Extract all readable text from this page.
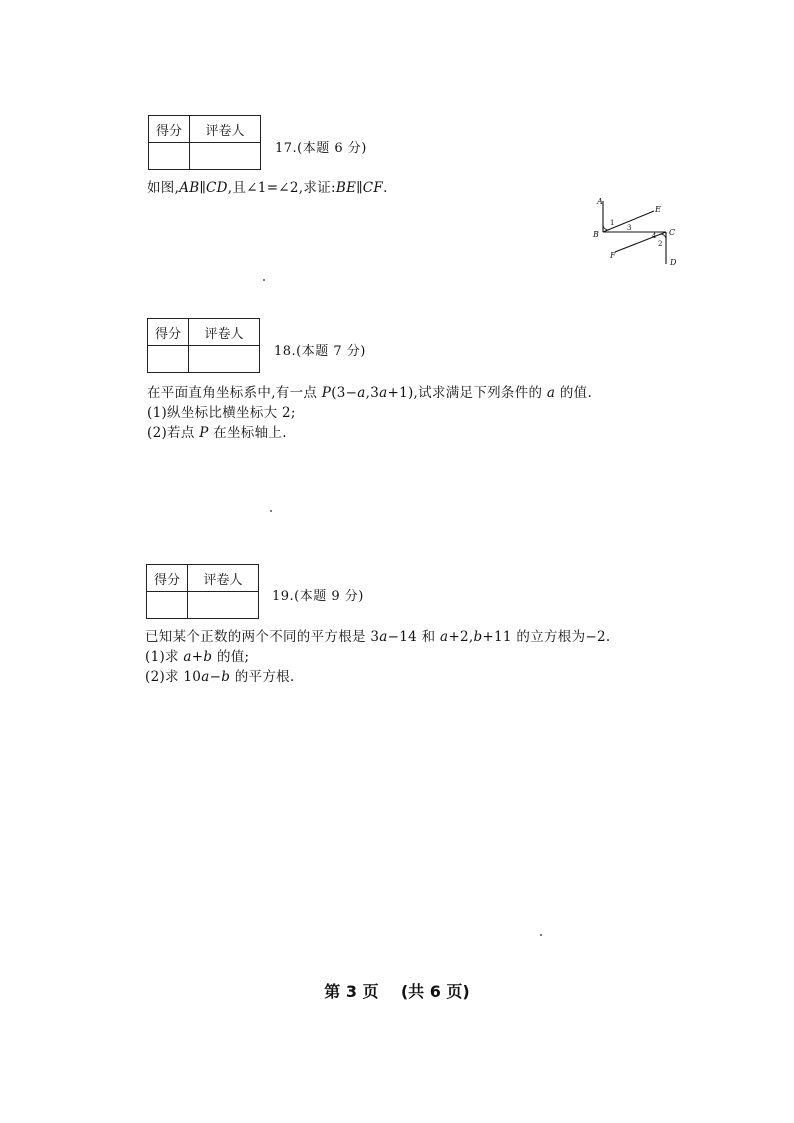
得分	评卷人

17.(本题 6 分)
如图,AB∥CD,且∠1=∠2,求证:BE∥CF.
A
B	C
D
E
F
1
2
3
4
得分	评卷人

18.(本题 7 分)
在平面直角坐标系中,有一点 P(3−a,3a+1),试求满足下列条件的 a 的值.
(1)纵坐标比横坐标大 2;
(2)若点 P 在坐标轴上.
得分	评卷人

19.(本题 9 分)
已知某个正数的两个不同的平方根是 3a−14 和 a+2,b+11 的立方根为−2.
(1)求 a+b 的值;
(2)求 10a−b 的平方根.
第 3 页    (共 6 页)
